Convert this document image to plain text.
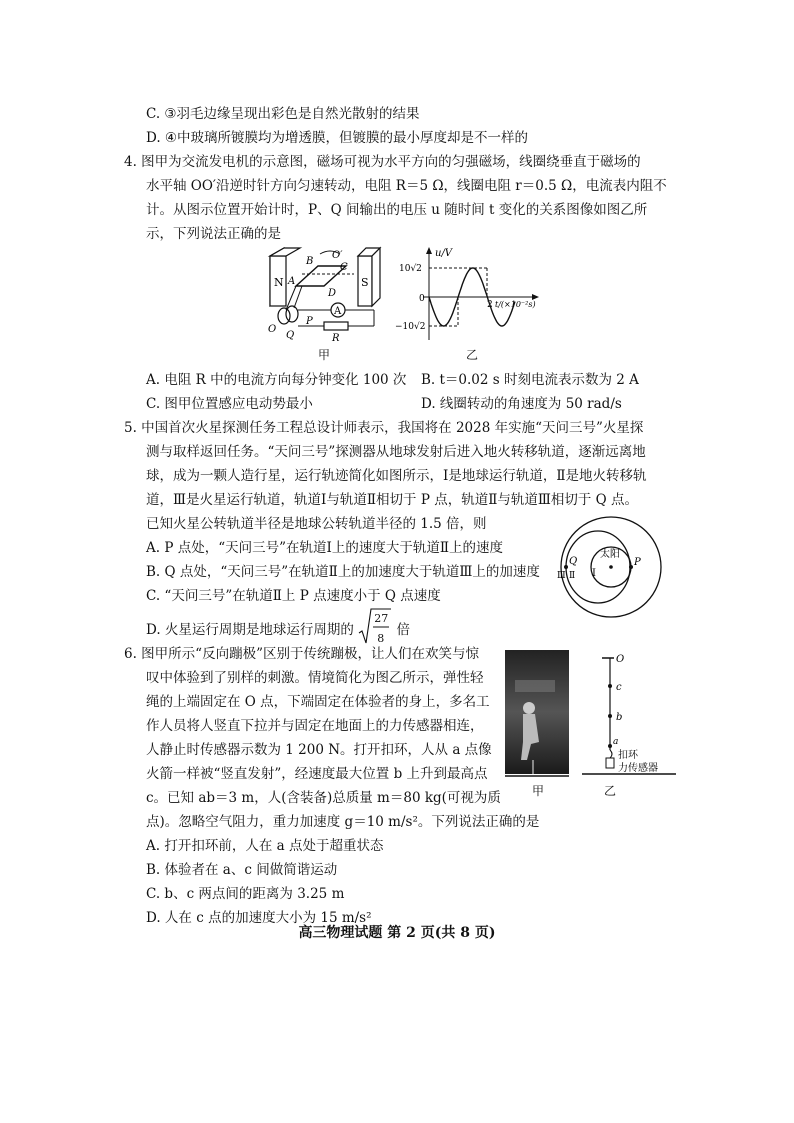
C. ③羽毛边缘呈现出彩色是自然光散射的结果
D. ④中玻璃所镀膜均为增透膜，但镀膜的最小厚度却是不一样的
4. 图甲为交流发电机的示意图，磁场可视为水平方向的匀强磁场，线圈绕垂直于磁场的
水平轴 OO′沿逆时针方向匀速转动，电阻 R＝5 Ω，线圈电阻 r＝0.5 Ω，电流表内阻不
计。从图示位置开始计时，P、Q 间输出的电压 u 随时间 t 变化的关系图像如图乙所
示，下列说法正确的是
N	S
B
O′
C
A
D
A
P
Q
O
R
甲
u/V
10√2
−10√2
0
2 t/(×10⁻²s)
乙
A. 电阻 R 中的电流方向每分钟变化 100 次 B. t＝0.02 s 时刻电流表示数为 2 A
C. 图甲位置感应电动势最小	D. 线圈转动的角速度为 50 rad/s
5. 中国首次火星探测任务工程总设计师表示，我国将在 2028 年实施“天问三号”火星探
测与取样返回任务。“天问三号”探测器从地球发射后进入地火转移轨道，逐渐远离地
球，成为一颗人造行星，运行轨迹简化如图所示，Ⅰ是地球运行轨道，Ⅱ是地火转移轨
道，Ⅲ是火星运行轨道，轨道Ⅰ与轨道Ⅱ相切于 P 点，轨道Ⅱ与轨道Ⅲ相切于 Q 点。
已知火星公转轨道半径是地球公转轨道半径的 1.5 倍，则
A. P 点处，“天问三号”在轨道Ⅰ上的速度大于轨道Ⅱ上的速度
B. Q 点处，“天问三号”在轨道Ⅱ上的加速度大于轨道Ⅲ上的加速度
C. “天问三号”在轨道Ⅱ上 P 点速度小于 Q 点速度
D. 火星运行周期是地球运行周期的
27
8 倍
太阳
Q	P
Ⅰ
Ⅱ
Ⅲ
6. 图甲所示“反向蹦极”区别于传统蹦极，让人们在欢笑与惊
叹中体验到了别样的刺激。情境简化为图乙所示，弹性轻
绳的上端固定在 O 点，下端固定在体验者的身上，多名工
作人员将人竖直下拉并与固定在地面上的力传感器相连，
人静止时传感器示数为 1 200 N。打开扣环，人从 a 点像
火箭一样被“竖直发射”，经速度最大位置 b 上升到最高点
c。已知 ab＝3 m，人(含装备)总质量 m＝80 kg(可视为质
点)。忽略空气阻力，重力加速度 g＝10 m/s²。下列说法正确的是
A. 打开扣环前，人在 a 点处于超重状态
B. 体验者在 a、c 间做简谐运动
C. b、c 两点间的距离为 3.25 m
D. 人在 c 点的加速度大小为 15 m/s²
甲
O
c
b
a
扣环
力传感器
乙
高三物理试题 第 2 页(共 8 页)
